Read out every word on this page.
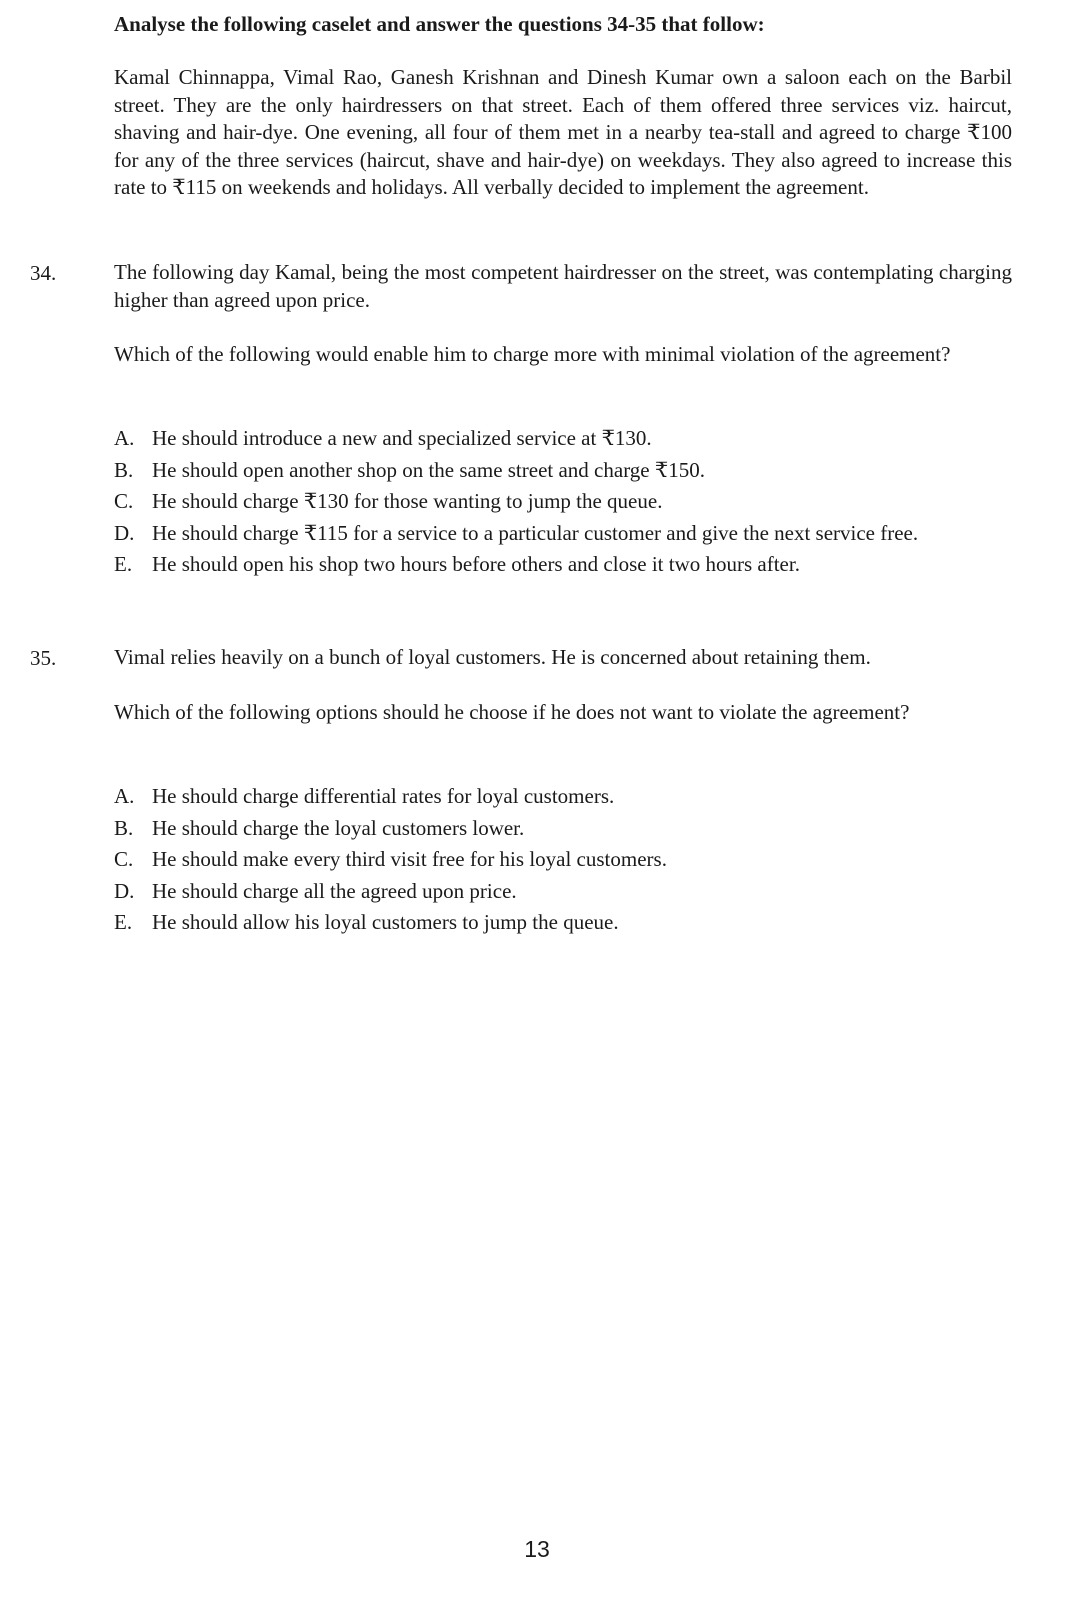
Analyse the following caselet and answer the questions 34-35 that follow:
Kamal Chinnappa, Vimal Rao, Ganesh Krishnan and Dinesh Kumar own a saloon each on the Barbil street. They are the only hairdressers on that street. Each of them offered three services viz. haircut, shaving and hair-dye. One evening, all four of them met in a nearby tea-stall and agreed to charge ₹100 for any of the three services (haircut, shave and hair-dye) on weekdays. They also agreed to increase this rate to ₹115 on weekends and holidays. All verbally decided to implement the agreement.
34.	The following day Kamal, being the most competent hairdresser on the street, was contemplating charging higher than agreed upon price.
Which of the following would enable him to charge more with minimal violation of the agreement?
A. He should introduce a new and specialized service at ₹130.
B. He should open another shop on the same street and charge ₹150.
C. He should charge ₹130 for those wanting to jump the queue.
D. He should charge ₹115 for a service to a particular customer and give the next service free.
E. He should open his shop two hours before others and close it two hours after.
35.	Vimal relies heavily on a bunch of loyal customers. He is concerned about retaining them.
Which of the following options should he choose if he does not want to violate the agreement?
A. He should charge differential rates for loyal customers.
B. He should charge the loyal customers lower.
C. He should make every third visit free for his loyal customers.
D. He should charge all the agreed upon price.
E. He should allow his loyal customers to jump the queue.
13
